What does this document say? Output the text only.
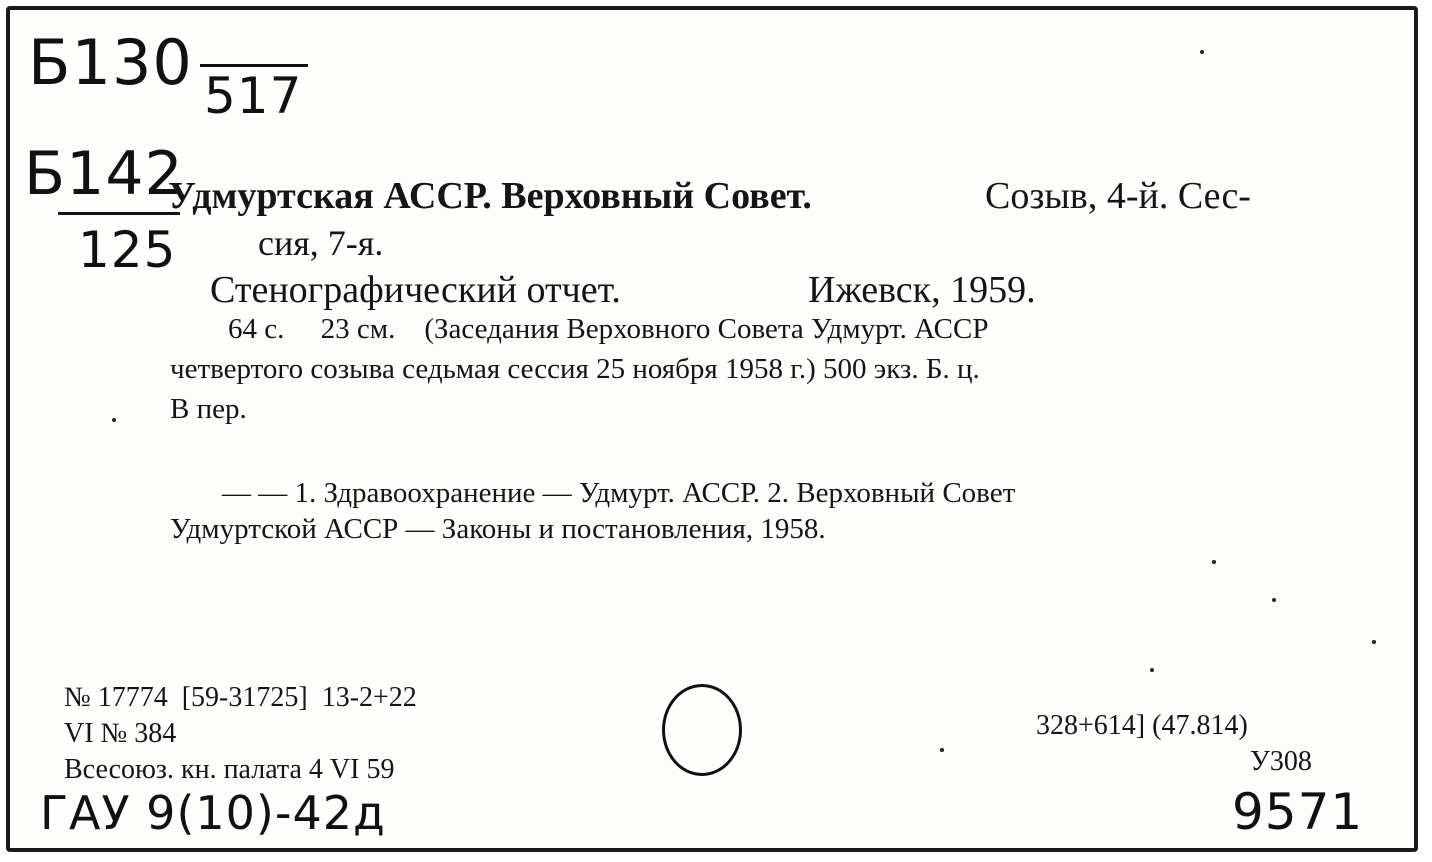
Б130 517
Б142
125
Удмуртская АССР. Верховный Совет.	Созыв, 4-й. Сес-
сия, 7-я.
Стенографический отчет.	Ижевск, 1959.
64 с.     23 см.    (Заседания Верховного Совета Удмурт. АССР
четвертого созыва седьмая сессия 25 ноября 1958 г.) 500 экз. Б. ц.
В пер.
— — 1. Здравоохранение — Удмурт. АССР. 2. Верховный Совет
Удмуртской АССР — Законы и постановления, 1958.
№ 17774  [59-31725]  13-2+22
VI № 384
Всесоюз. кн. палата 4 VI 59
328+614] (47.814)
У308
ГАУ 9(10)-42д	9571
